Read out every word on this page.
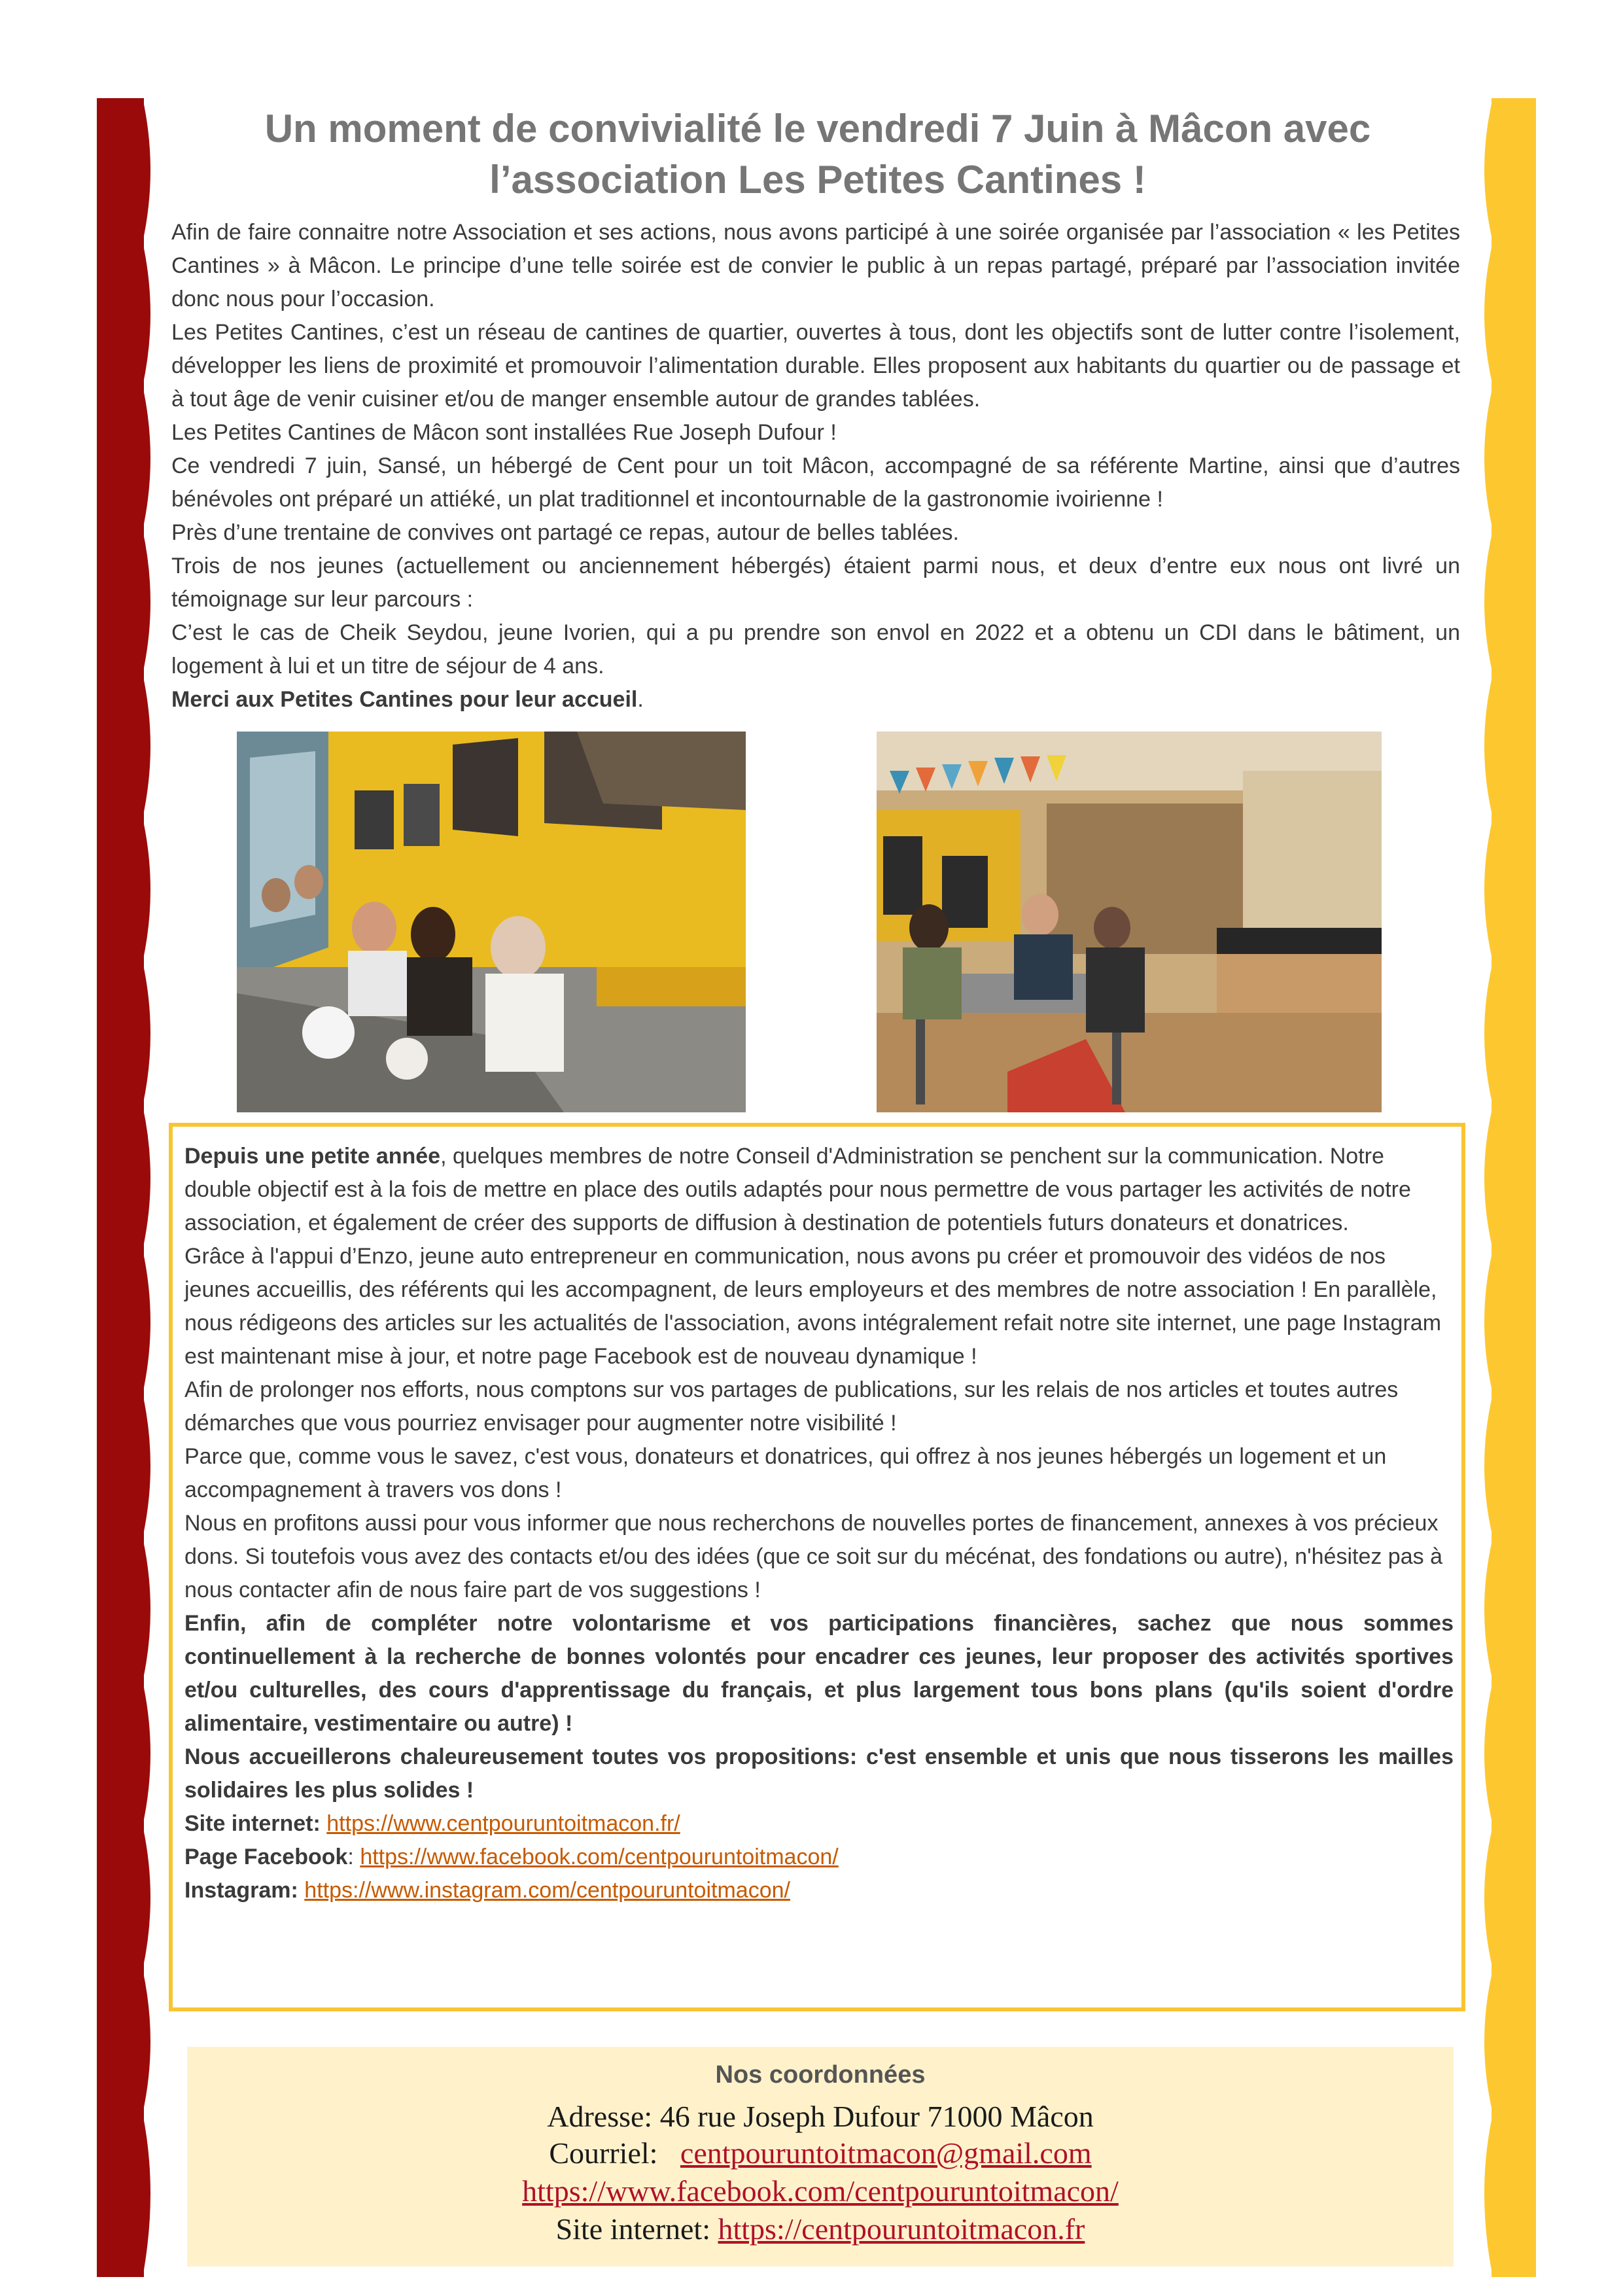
Un moment de convivialité le vendredi 7 Juin à Mâcon avec l’association Les Petites Cantines !

Afin de faire connaitre notre Association et ses actions, nous avons participé à une soirée organisée par l’association « les Petites Cantines » à Mâcon. Le principe d’une telle soirée est de convier le public à un repas partagé, préparé par l’association invitée donc nous pour l’occasion.

Les Petites Cantines, c’est un réseau de cantines de quartier, ouvertes à tous, dont les objectifs sont de lutter contre l’isolement, développer les liens de proximité et promouvoir l’alimentation durable. Elles proposent aux habitants du quartier ou de passage et à tout âge de venir cuisiner et/ou de manger ensemble autour de grandes tablées.

Les Petites Cantines de Mâcon sont installées Rue Joseph Dufour !

Ce vendredi 7 juin, Sansé, un hébergé de Cent pour un toit Mâcon, accompagné de sa référente Martine, ainsi que d’autres bénévoles ont préparé un attiéké, un plat traditionnel et incontournable de la gastronomie ivoirienne !

Près d’une trentaine de convives ont partagé ce repas, autour de belles tablées.

Trois de nos jeunes (actuellement ou anciennement hébergés) étaient parmi nous, et deux d’entre eux nous ont livré un témoignage sur leur parcours :

C’est le cas de Cheik Seydou, jeune Ivorien, qui a pu prendre son envol en 2022 et a obtenu un CDI dans le bâtiment, un logement à lui et un titre de séjour de 4 ans.

Merci aux Petites Cantines pour leur accueil.

Depuis une petite année, quelques membres de notre Conseil d'Administration se penchent sur la communication. Notre double objectif est à la fois de mettre en place des outils adaptés pour nous permettre de vous partager les activités de notre association, et également de créer des supports de diffusion à destination de potentiels futurs donateurs et donatrices.

Grâce à l'appui d’Enzo, jeune auto entrepreneur en communication, nous avons pu créer et promouvoir des vidéos de nos jeunes accueillis, des référents qui les accompagnent, de leurs employeurs et des membres de notre association ! En parallèle, nous rédigeons des articles sur les actualités de l'association, avons intégralement refait notre site internet, une page Instagram est maintenant mise à jour, et notre page Facebook est de nouveau dynamique !

Afin de prolonger nos efforts, nous comptons sur vos partages de publications, sur les relais de nos articles et toutes autres démarches que vous pourriez envisager pour augmenter notre visibilité !

Parce que, comme vous le savez, c'est vous, donateurs et donatrices, qui offrez à nos jeunes hébergés un logement et un accompagnement à travers vos dons !

Nous en profitons aussi pour vous informer que nous recherchons de nouvelles portes de financement, annexes à vos précieux dons. Si toutefois vous avez des contacts et/ou des idées (que ce soit sur du mécénat, des fondations ou autre), n'hésitez pas à nous contacter afin de nous faire part de vos suggestions !

Enfin, afin de compléter notre volontarisme et vos participations financières, sachez que nous sommes continuellement à la recherche de bonnes volontés pour encadrer ces jeunes, leur proposer des activités sportives et/ou culturelles, des cours d'apprentissage du français, et plus largement tous bons plans (qu'ils soient d'ordre alimentaire, vestimentaire ou autre) !

Nous accueillerons chaleureusement toutes vos propositions: c'est ensemble et unis que nous tisserons les mailles solidaires les plus solides !

Site internet: https://www.centpouruntoitmacon.fr/

Page Facebook: https://www.facebook.com/centpouruntoitmacon/

Instagram: https://www.instagram.com/centpouruntoitmacon/

Nos coordonnées
Adresse: 46 rue Joseph Dufour 71000 Mâcon
Courriel:   centpouruntoitmacon@gmail.com
https://www.facebook.com/centpouruntoitmacon/
Site internet: https://centpouruntoitmacon.fr
